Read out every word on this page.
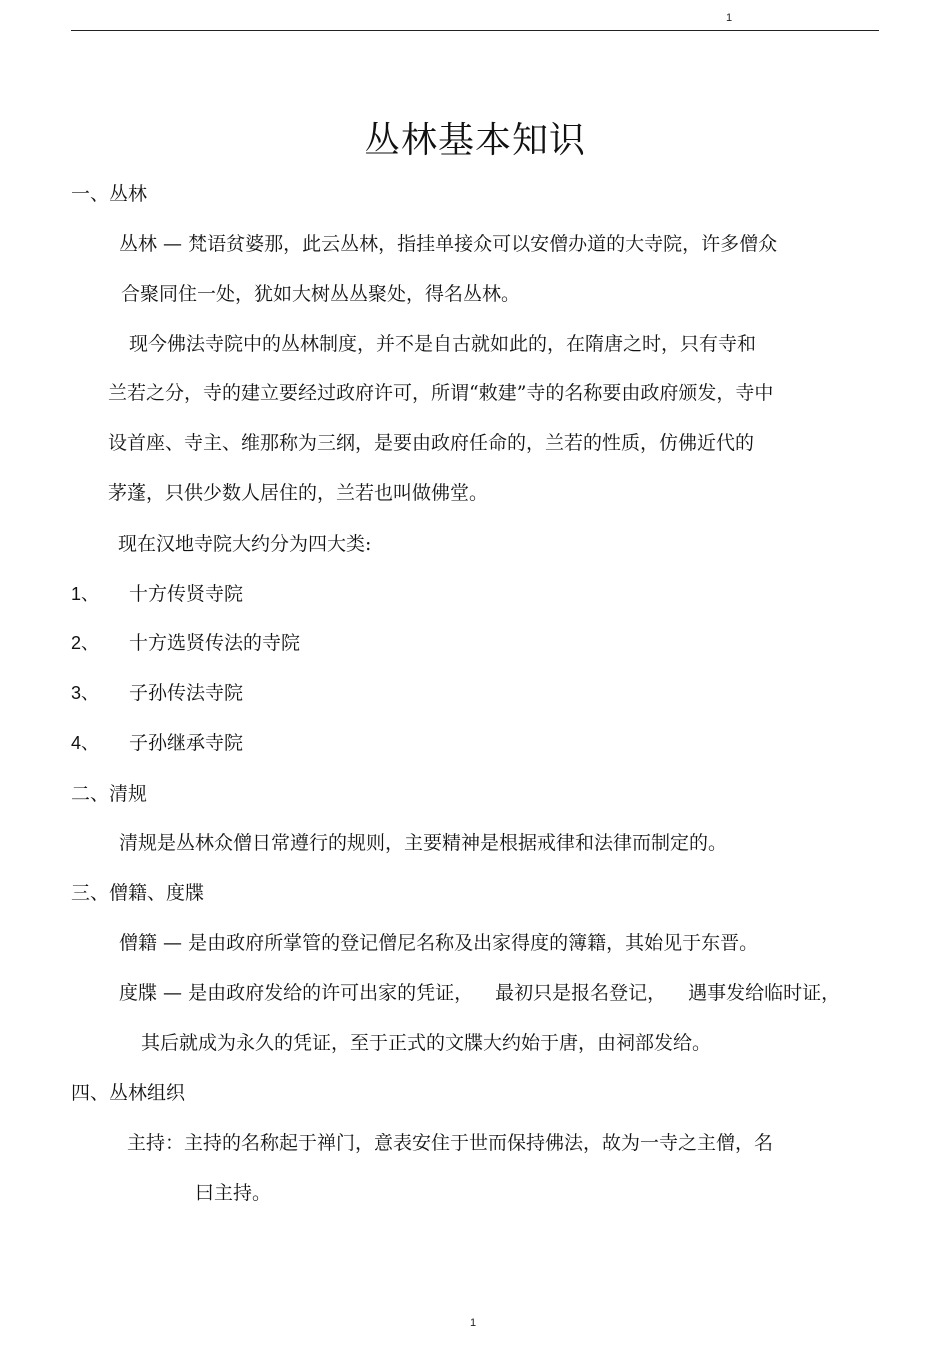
1
丛林基本知识
一、丛林
丛林 — 梵语贫婆那，此云丛林，指挂单接众可以安僧办道的大寺院，许多僧众
合聚同住一处，犹如大树丛丛聚处，得名丛林。
现今佛法寺院中的丛林制度，并不是自古就如此的，在隋唐之时，只有寺和
兰若之分，寺的建立要经过政府许可，所谓“敕建”寺的名称要由政府颁发，寺中
设首座、寺主、维那称为三纲，是要由政府任命的，兰若的性质，仿佛近代的
茅蓬，只供少数人居住的，兰若也叫做佛堂。
现在汉地寺院大约分为四大类:
1、 十方传贤寺院
2、 十方选贤传法的寺院
3、 子孙传法寺院
4、 子孙继承寺院
二、清规
清规是丛林众僧日常遵行的规则，主要精神是根据戒律和法律而制定的。
三、僧籍、度牒
僧籍 — 是由政府所掌管的登记僧尼名称及出家得度的簿籍，其始见于东晋。
度牒 — 是由政府发给的许可出家的凭证， 最初只是报名登记， 遇事发给临时证，
其后就成为永久的凭证，至于正式的文牒大约始于唐，由祠部发给。
四、丛林组织
主持：主持的名称起于禅门，意表安住于世而保持佛法，故为一寺之主僧，名
曰主持。
1
